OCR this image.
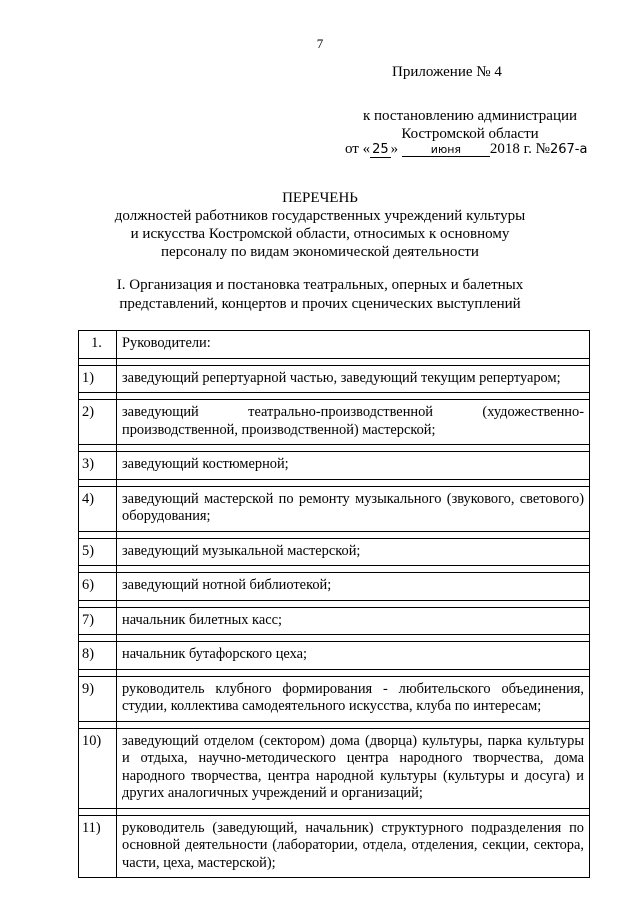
7
Приложение № 4
к постановлению администрации
Костромской области
от « 25 »	июня 2018 г. №267-а
ПЕРЕЧЕНЬ
должностей работников государственных учреждений культуры
и искусства Костромской области, относимых к основному
персоналу по видам экономической деятельности
I. Организация и постановка театральных, оперных и балетных
представлений, концертов и прочих сценических выступлений
1.	Руководители:

1)	заведующий репертуарной частью, заведующий текущим репертуаром;

2)	заведующий театрально-производственной (художественно-производственной, производственной) мастерской;

3)	заведующий костюмерной;

4)	заведующий мастерской по ремонту музыкального (звукового, светового) оборудования;

5)	заведующий музыкальной мастерской;

6)	заведующий нотной библиотекой;

7)	начальник билетных касс;

8)	начальник бутафорского цеха;

9)	руководитель клубного формирования - любительского объединения, студии, коллектива самодеятельного искусства, клуба по интересам;

10)	заведующий отделом (сектором) дома (дворца) культуры, парка культуры и отдыха, научно-методического центра народного творчества, дома народного творчества, центра народной культуры (культуры и досуга) и других аналогичных учреждений и организаций;

11)	руководитель (заведующий, начальник) структурного подразделения по основной деятельности (лаборатории, отдела, отделения, секции, сектора, части, цеха, мастерской);
